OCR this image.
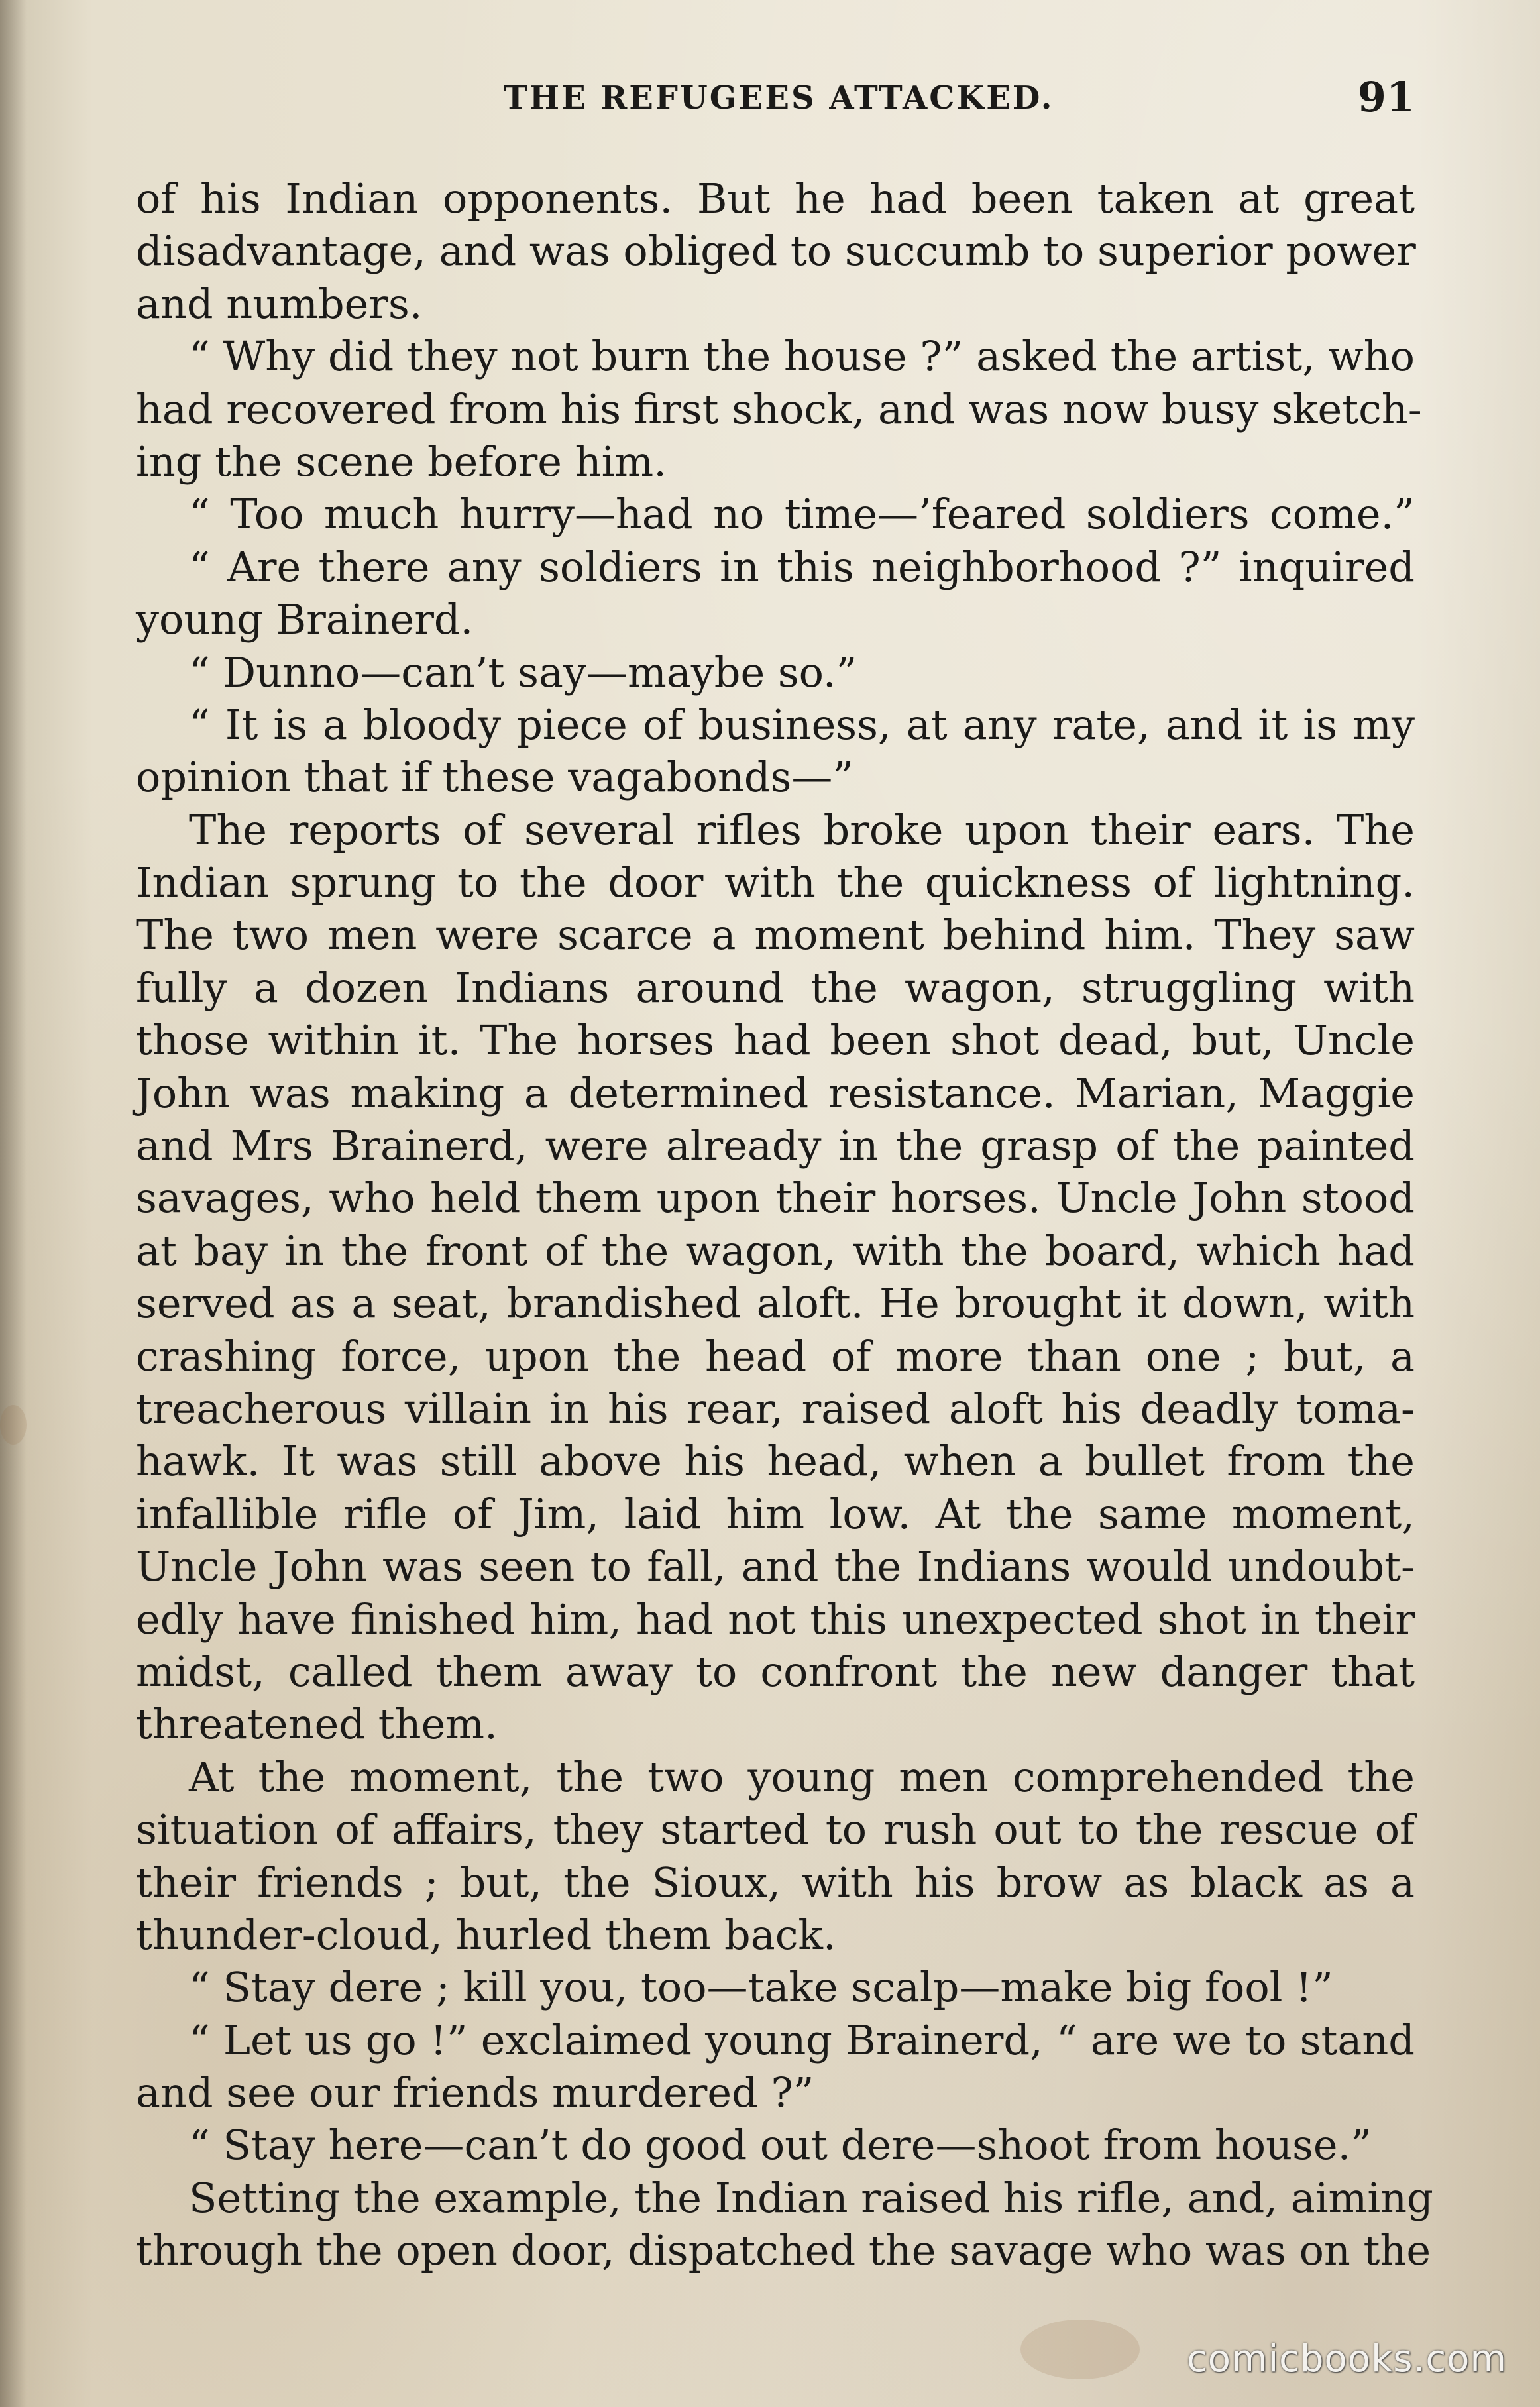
THE REFUGEES ATTACKED.	91
of his Indian opponents. But he had been taken at great
disadvantage, and was obliged to succumb to superior power
and numbers.
“ Why did they not burn the house ?” asked the artist, who
had recovered from his first shock, and was now busy sketch-
ing the scene before him.
“ Too much hurry—had no time—’feared soldiers come.”
“ Are there any soldiers in this neighborhood ?” inquired
young Brainerd.
“ Dunno—can’t say—maybe so.”
“ It is a bloody piece of business, at any rate, and it is my
opinion that if these vagabonds—”
The reports of several rifles broke upon their ears. The
Indian sprung to the door with the quickness of lightning.
The two men were scarce a moment behind him. They saw
fully a dozen Indians around the wagon, struggling with
those within it. The horses had been shot dead, but, Uncle
John was making a determined resistance. Marian, Maggie
and Mrs Brainerd, were already in the grasp of the painted
savages, who held them upon their horses. Uncle John stood
at bay in the front of the wagon, with the board, which had
served as a seat, brandished aloft. He brought it down, with
crashing force, upon the head of more than one ; but, a
treacherous villain in his rear, raised aloft his deadly toma-
hawk. It was still above his head, when a bullet from the
infallible rifle of Jim, laid him low. At the same moment,
Uncle John was seen to fall, and the Indians would undoubt-
edly have finished him, had not this unexpected shot in their
midst, called them away to confront the new danger that
threatened them.
At the moment, the two young men comprehended the
situation of affairs, they started to rush out to the rescue of
their friends ; but, the Sioux, with his brow as black as a
thunder-cloud, hurled them back.
“ Stay dere ; kill you, too—take scalp—make big fool !”
“ Let us go !” exclaimed young Brainerd, “ are we to stand
and see our friends murdered ?”
“ Stay here—can’t do good out dere—shoot from house.”
Setting the example, the Indian raised his rifle, and, aiming
through the open door, dispatched the savage who was on the
comicbooks.com
